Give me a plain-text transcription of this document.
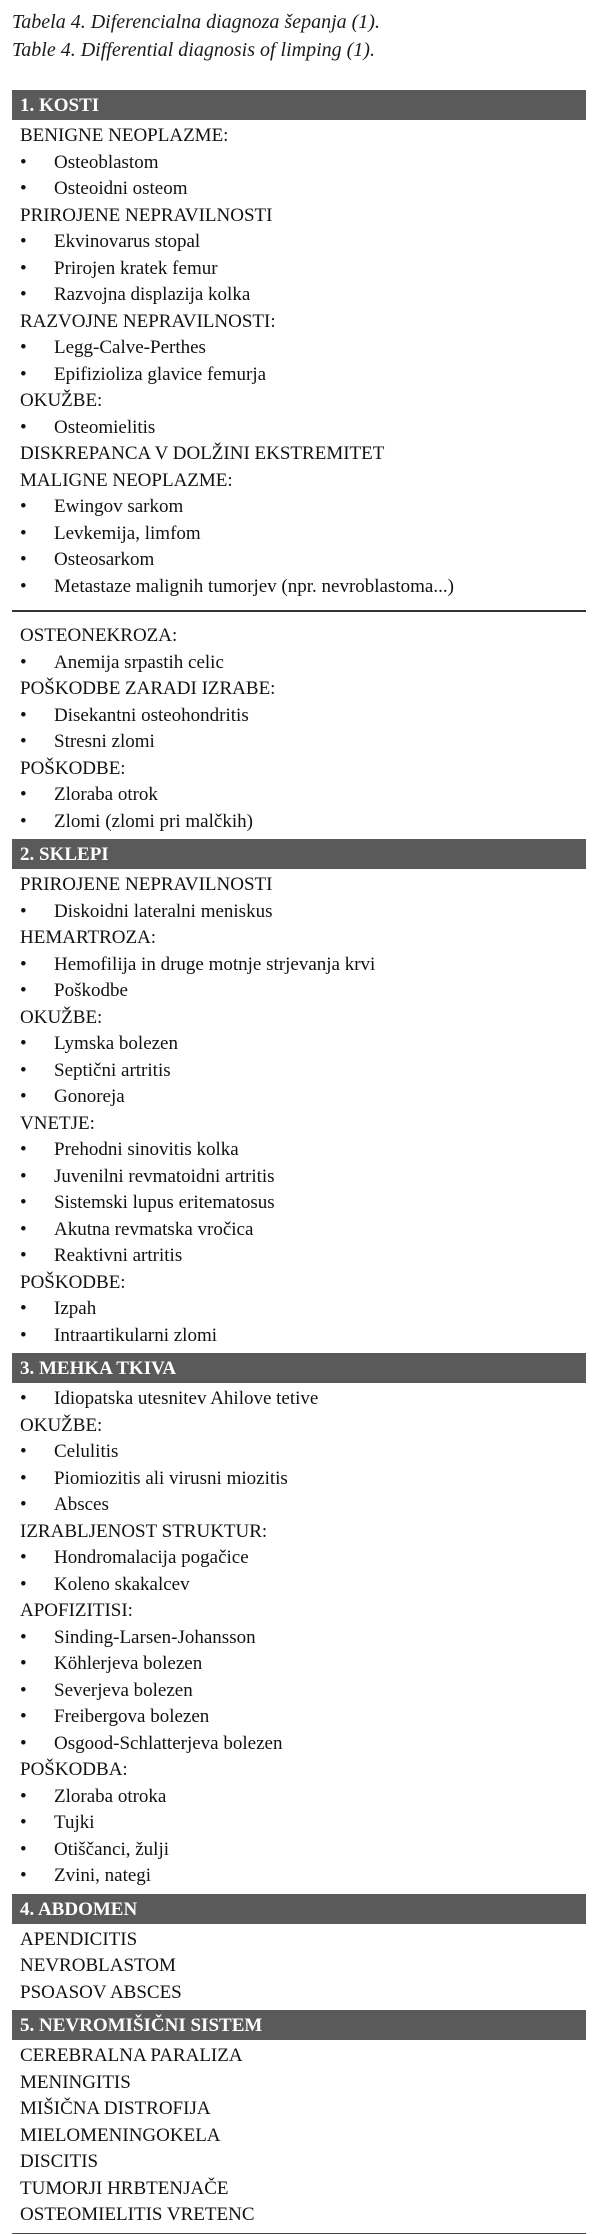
Tabela 4. Diferencialna diagnoza šepanja (1).
Table 4. Differential diagnosis of limping (1).
1. KOSTI
BENIGNE NEOPLAZME:
• Osteoblastom
• Osteoidni osteom
PRIROJENE NEPRAVILNOSTI
• Ekvinovarus stopal
• Prirojen kratek femur
• Razvojna displazija kolka
RAZVOJNE NEPRAVILNOSTI:
• Legg-Calve-Perthes
• Epifizioliza glavice femurja
OKUŽBE:
• Osteomielitis
DISKREPANCA V DOLŽINI EKSTREMITET
MALIGNE NEOPLAZME:
• Ewingov sarkom
• Levkemija, limfom
• Osteosarkom
• Metastaze malignih tumorjev (npr. nevroblastoma...)
OSTEONEKROZA:
• Anemija srpastih celic
POŠKODBE ZARADI IZRABE:
• Disekantni osteohondritis
• Stresni zlomi
POŠKODBE:
• Zloraba otrok
• Zlomi (zlomi pri malčkih)
2. SKLEPI
PRIROJENE NEPRAVILNOSTI
• Diskoidni lateralni meniskus
HEMARTROZA:
• Hemofilija in druge motnje strjevanja krvi
• Poškodbe
OKUŽBE:
• Lymska bolezen
• Septični artritis
• Gonoreja
VNETJE:
• Prehodni sinovitis kolka
• Juvenilni revmatoidni artritis
• Sistemski lupus eritematosus
• Akutna revmatska vročica
• Reaktivni artritis
POŠKODBE:
• Izpah
• Intraartikularni zlomi
3. MEHKA TKIVA
• Idiopatska utesnitev Ahilove tetive
OKUŽBE:
• Celulitis
• Piomiozitis ali virusni miozitis
• Absces
IZRABLJENOST STRUKTUR:
• Hondromalacija pogačice
• Koleno skakalcev
APOFIZITISI:
• Sinding-Larsen-Johansson
• Köhlerjeva bolezen
• Severjeva bolezen
• Freibergova bolezen
• Osgood-Schlatterjeva bolezen
POŠKODBA:
• Zloraba otroka
• Tujki
• Otiščanci, žulji
• Zvini, nategi
4. ABDOMEN
APENDICITIS
NEVROBLASTOM
PSOASOV ABSCES
5. NEVROMIŠIČNI SISTEM
CEREBRALNA PARALIZA
MENINGITIS
MIŠIČNA DISTROFIJA
MIELOMENINGOKELA
DISCITIS
TUMORJI HRBTENJAČE
OSTEOMIELITIS VRETENC
